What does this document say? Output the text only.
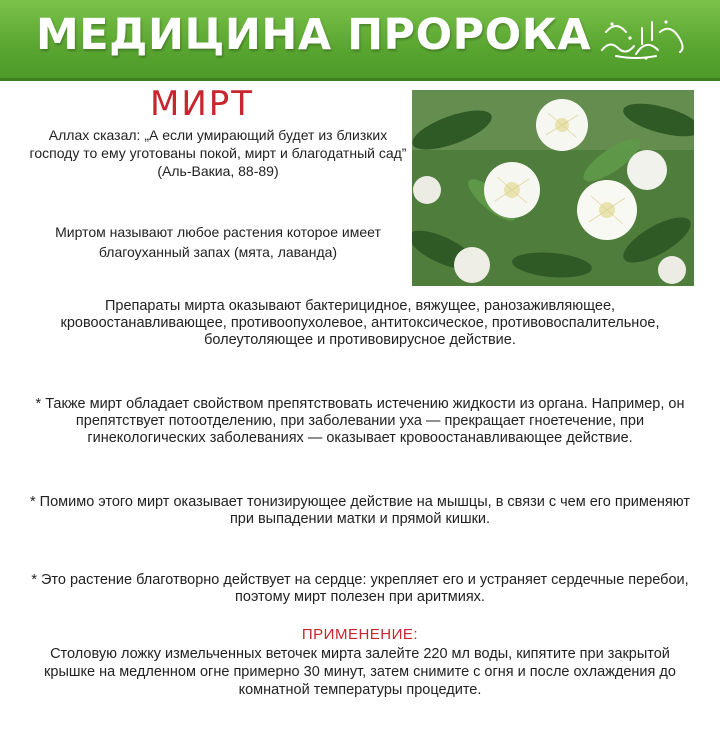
МЕДИЦИНА ПРОРОКА
МИРТ
Аллах сказал: „А если умирающий будет из близких господу то ему уготованы покой, мирт и благодатный сад” (Аль-Вакиа, 88-89)
Миртом называют любое растения которое имеет благоуханный запах (мята, лаванда)

Препараты мирта оказывают бактерицидное, вяжущее, ранозаживляющее, кровоостанавливающее, противоопухолевое, антитоксическое, противовоспалительное, болеутоляющее и противовирусное действие.

* Также мирт обладает свойством препятствовать истечению жидкости из органа. Например, он препятствует потоотделению, при заболевании уха — прекращает гноетечение, при гинекологических заболеваниях — оказывает кровоостанавливающее действие.

* Помимо этого мирт оказывает тонизирующее действие на мышцы, в связи с чем его применяют при выпадении матки и прямой кишки.

* Это растение благотворно действует на сердце: укрепляет его и устраняет сердечные перебои, поэтому мирт полезен при аритмиях.

ПРИМЕНЕНИЕ:
Столовую ложку измельченных веточек мирта залейте 220 мл воды, кипятите при закрытой крышке на медленном огне примерно 30 минут, затем снимите с огня и после охлаждения до комнатной температуры процедите.
